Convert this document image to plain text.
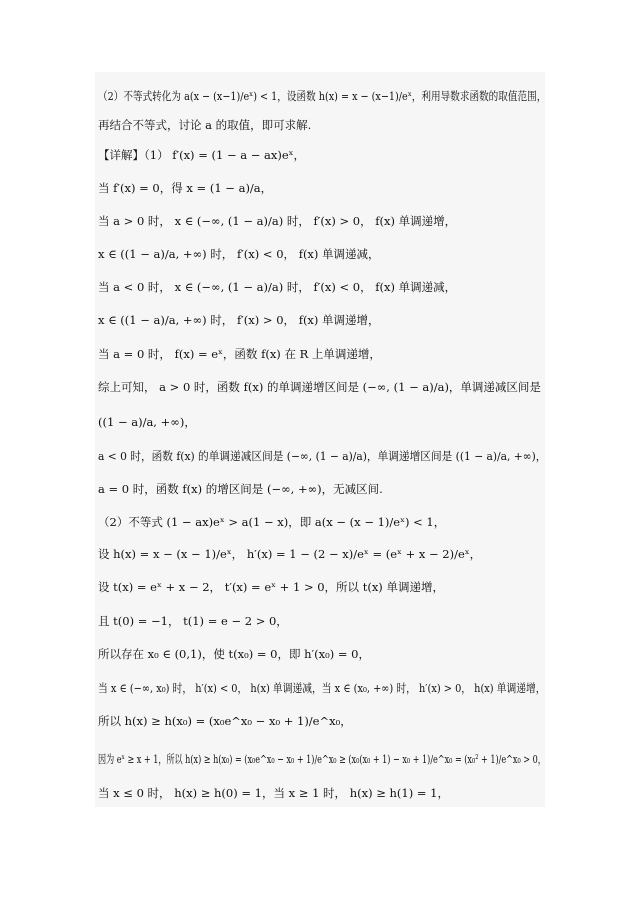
（2）不等式转化为 a(x − (x−1)/eˣ) < 1，设函数 h(x) = x − (x−1)/eˣ，利用导数求函数的取值范围，
再结合不等式，讨论 a 的取值，即可求解.
【详解】（1） f′(x) = (1 − a − ax)eˣ，
当 f′(x) = 0，得 x = (1 − a)/a，
当 a > 0 时， x ∈ (−∞, (1 − a)/a) 时， f′(x) > 0， f(x) 单调递增，
x ∈ ((1 − a)/a, +∞) 时， f′(x) < 0， f(x) 单调递减，
当 a < 0 时， x ∈ (−∞, (1 − a)/a) 时， f′(x) < 0， f(x) 单调递减，
x ∈ ((1 − a)/a, +∞) 时， f′(x) > 0， f(x) 单调递增，
当 a = 0 时， f(x) = eˣ，函数 f(x) 在 R 上单调递增，
综上可知， a > 0 时，函数 f(x) 的单调递增区间是 (−∞, (1 − a)/a)，单调递减区间是
((1 − a)/a, +∞)，
a < 0 时，函数 f(x) 的单调递减区间是 (−∞, (1 − a)/a)，单调递增区间是 ((1 − a)/a, +∞)，
a = 0 时，函数 f(x) 的增区间是 (−∞, +∞)，无减区间.
（2）不等式 (1 − ax)eˣ > a(1 − x)，即 a(x − (x − 1)/eˣ) < 1，
设 h(x) = x − (x − 1)/eˣ， h′(x) = 1 − (2 − x)/eˣ = (eˣ + x − 2)/eˣ，
设 t(x) = eˣ + x − 2， t′(x) = eˣ + 1 > 0，所以 t(x) 单调递增，
且 t(0) = −1， t(1) = e − 2 > 0，
所以存在 x₀ ∈ (0,1)，使 t(x₀) = 0，即 h′(x₀) = 0，
当 x ∈ (−∞, x₀) 时， h′(x) < 0， h(x) 单调递减，当 x ∈ (x₀, +∞) 时， h′(x) > 0， h(x) 单调递增，
所以 h(x) ≥ h(x₀) = (x₀e^x₀ − x₀ + 1)/e^x₀，
因为 eˣ ≥ x + 1，所以 h(x) ≥ h(x₀) = (x₀e^x₀ − x₀ + 1)/e^x₀ ≥ (x₀(x₀ + 1) − x₀ + 1)/e^x₀ = (x₀² + 1)/e^x₀ > 0，
当 x ≤ 0 时， h(x) ≥ h(0) = 1，当 x ≥ 1 时， h(x) ≥ h(1) = 1，
